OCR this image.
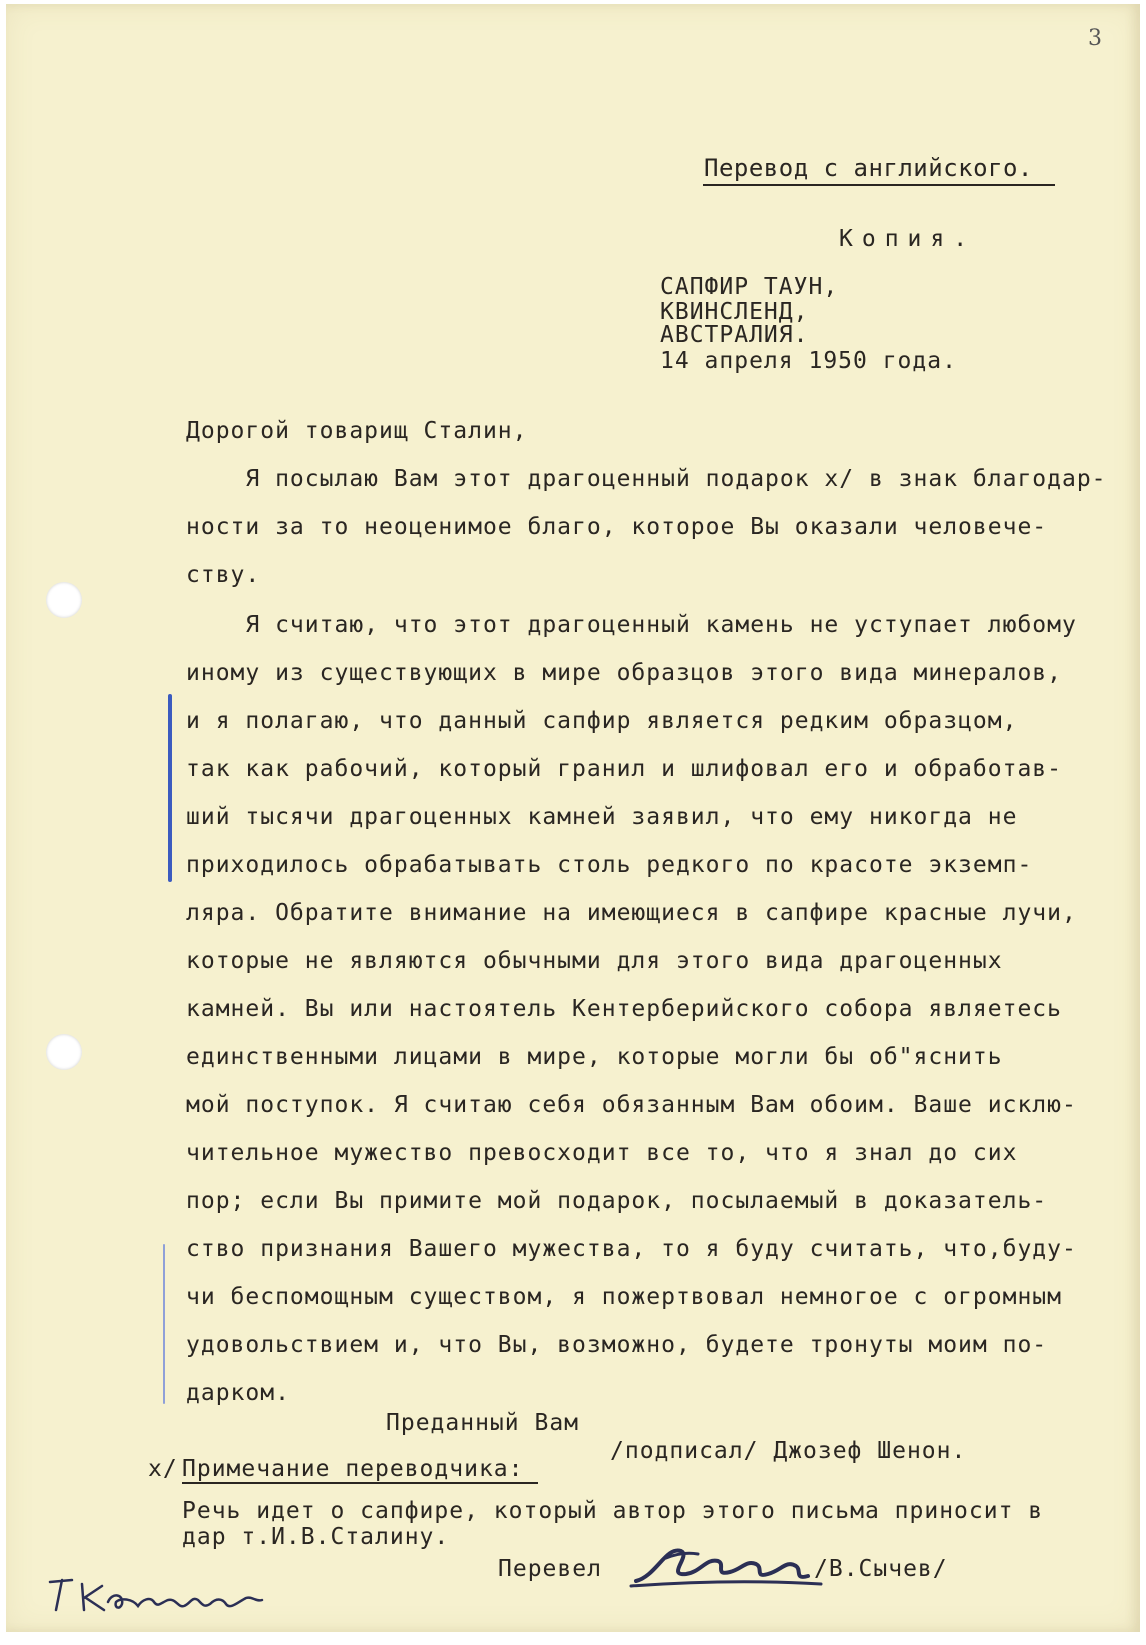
3
Перевод с английского.
Копия.
САПФИР ТАУН,
КВИНСЛЕНД,
АВСТРАЛИЯ.
14 апреля 1950 года.
Дорогой товарищ Сталин,
Я посылаю Вам этот драгоценный подарок х/ в знак благодар-
ности за то неоценимое благо, которое Вы оказали человече-
ству.
Я считаю, что этот драгоценный камень не уступает любому
иному из существующих в мире образцов этого вида минералов,
и я полагаю, что данный сапфир является редким образцом,
так как рабочий, который гранил и шлифовал его и обработав-
ший тысячи драгоценных камней заявил, что ему никогда не
приходилось обрабатывать столь редкого по красоте экземп-
ляра. Обратите внимание на имеющиеся в сапфире красные лучи,
которые не являются обычными для этого вида драгоценных
камней. Вы или настоятель Кентерберийского собора являетесь
единственными лицами в мире, которые могли бы об"яснить
мой поступок. Я считаю себя обязанным Вам обоим. Ваше исклю-
чительное мужество превосходит все то, что я знал до сих
пор; если Вы примите мой подарок, посылаемый в доказатель-
ство признания Вашего мужества, то я буду считать, что,буду-
чи беспомощным существом, я пожертвовал немногое с огромным
удовольствием и, что Вы, возможно, будете тронуты моим по-
дарком.
Преданный Вам
/подписал/ Джозеф Шенон.
х/ Примечание переводчика:
Речь идет о сапфире, который автор этого письма приносит в
дар т.И.В.Сталину.
Перевел	/В.Сычев/
